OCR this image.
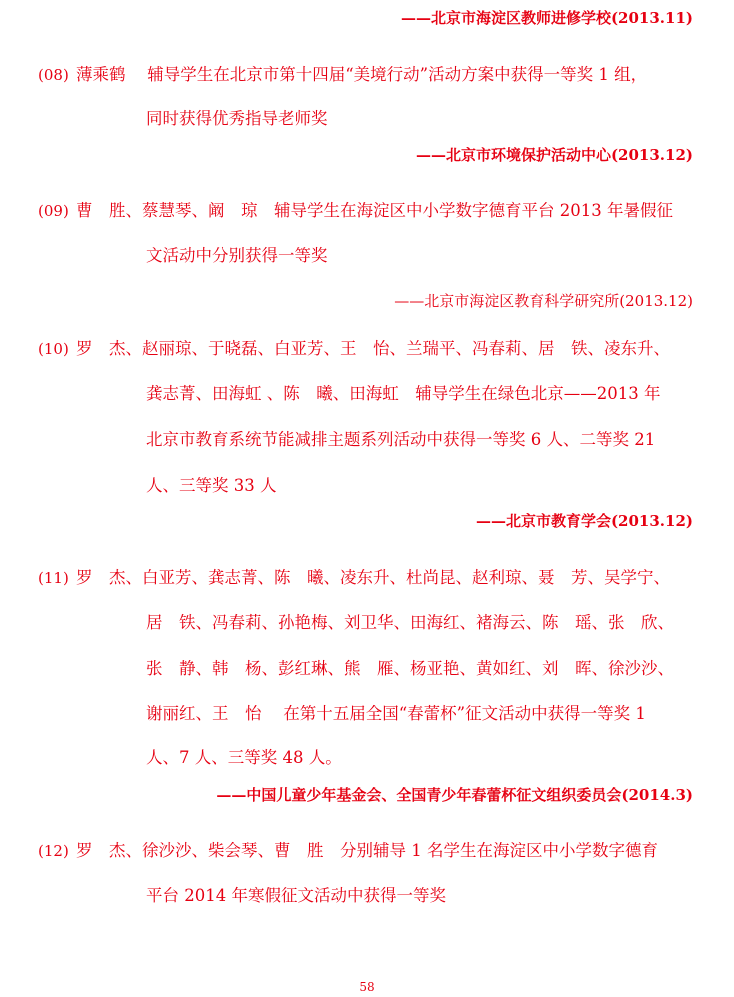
——北京市海淀区教师进修学校(2013.11)
(08) 薄乘鹤　 辅导学生在北京市第十四届“美境行动”活动方案中获得一等奖 1 组，
同时获得优秀指导老师奖
——北京市环境保护活动中心(2013.12)
(09) 曹　胜、蔡慧琴、阚　琼　辅导学生在海淀区中小学数字德育平台 2013 年暑假征
文活动中分别获得一等奖
——北京市海淀区教育科学研究所(2013.12)
(10) 罗　杰、赵丽琼、于晓磊、白亚芳、王　怡、兰瑞平、冯春莉、居　铁、凌东升、
龚志菁、田海虹 、陈　曦、田海虹　辅导学生在绿色北京——2013 年
北京市教育系统节能减排主题系列活动中获得一等奖 6 人、二等奖 21
人、三等奖 33 人
——北京市教育学会(2013.12)
(11) 罗　杰、白亚芳、龚志菁、陈　曦、凌东升、杜尚昆、赵利琼、聂　芳、吴学宁、
居　铁、冯春莉、孙艳梅、刘卫华、田海红、褚海云、陈　瑶、张　欣、
张　静、韩　杨、彭红琳、熊　雁、杨亚艳、黄如红、刘　晖、徐沙沙、
谢丽红、王　怡　 在第十五届全国“春蕾杯”征文活动中获得一等奖 1
人、7 人、三等奖 48 人。
——中国儿童少年基金会、全国青少年春蕾杯征文组织委员会(2014.3)
(12) 罗　杰、徐沙沙、柴会琴、曹　胜　分别辅导 1 名学生在海淀区中小学数字德育
平台 2014 年寒假征文活动中获得一等奖
58
